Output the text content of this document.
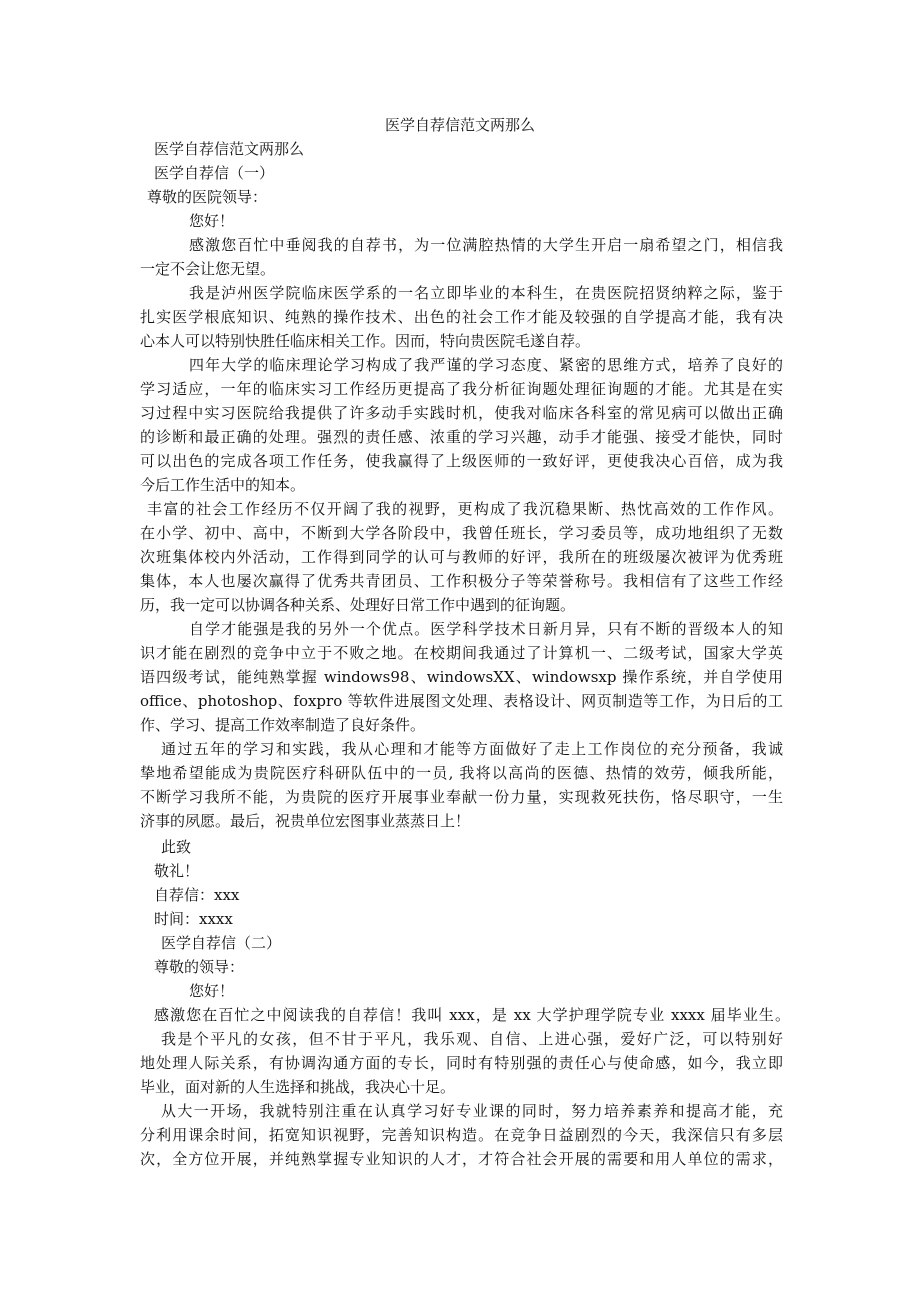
医学自荐信范文两那么
医学自荐信范文两那么
医学自荐信（一）
尊敬的医院领导：
您好！
感激您百忙中垂阅我的自荐书，为一位满腔热情的大学生开启一扇希望之门，相信我
一定不会让您无望。
我是泸州医学院临床医学系的一名立即毕业的本科生，在贵医院招贤纳粹之际，鉴于
扎实医学根底知识、纯熟的操作技术、出色的社会工作才能及较强的自学提高才能，我有决
心本人可以特别快胜任临床相关工作。因而，特向贵医院毛遂自荐。
四年大学的临床理论学习构成了我严谨的学习态度、紧密的思维方式，培养了良好的
学习适应，一年的临床实习工作经历更提高了我分析征询题处理征询题的才能。尤其是在实
习过程中实习医院给我提供了许多动手实践时机，使我对临床各科室的常见病可以做出正确
的诊断和最正确的处理。强烈的责任感、浓重的学习兴趣，动手才能强、接受才能快，同时
可以出色的完成各项工作任务，使我赢得了上级医师的一致好评，更使我决心百倍，成为我
今后工作生活中的知本。
丰富的社会工作经历不仅开阔了我的视野，更构成了我沉稳果断、热忱高效的工作作风。
在小学、初中、高中，不断到大学各阶段中，我曾任班长，学习委员等，成功地组织了无数
次班集体校内外活动，工作得到同学的认可与教师的好评，我所在的班级屡次被评为优秀班
集体，本人也屡次赢得了优秀共青团员、工作积极分子等荣誉称号。我相信有了这些工作经
历，我一定可以协调各种关系、处理好日常工作中遇到的征询题。
自学才能强是我的另外一个优点。医学科学技术日新月异，只有不断的晋级本人的知
识才能在剧烈的竞争中立于不败之地。在校期间我通过了计算机一、二级考试，国家大学英
语四级考试，能纯熟掌握 windows98、windowsXX、windowsxp 操作系统，并自学使用
office、photoshop、foxpro 等软件进展图文处理、表格设计、网页制造等工作，为日后的工
作、学习、提高工作效率制造了良好条件。
通过五年的学习和实践，我从心理和才能等方面做好了走上工作岗位的充分预备，我诚
挚地希望能成为贵院医疗科研队伍中的一员, 我将以高尚的医德、热情的效劳，倾我所能，
不断学习我所不能，为贵院的医疗开展事业奉献一份力量，实现救死扶伤，恪尽职守，一生
济事的夙愿。最后，祝贵单位宏图事业蒸蒸日上！
此致
敬礼！
自荐信：xxx
时间：xxxx
医学自荐信（二）
尊敬的领导：
您好！
感激您在百忙之中阅读我的自荐信！我叫 xxx，是 xx 大学护理学院专业 xxxx 届毕业生。
我是个平凡的女孩，但不甘于平凡，我乐观、自信、上进心强，爱好广泛，可以特别好
地处理人际关系，有协调沟通方面的专长，同时有特别强的责任心与使命感，如今，我立即
毕业，面对新的人生选择和挑战，我决心十足。
从大一开场，我就特别注重在认真学习好专业课的同时，努力培养素养和提高才能，充
分利用课余时间，拓宽知识视野，完善知识构造。在竞争日益剧烈的今天，我深信只有多层
次，全方位开展，并纯熟掌握专业知识的人才，才符合社会开展的需要和用人单位的需求，
